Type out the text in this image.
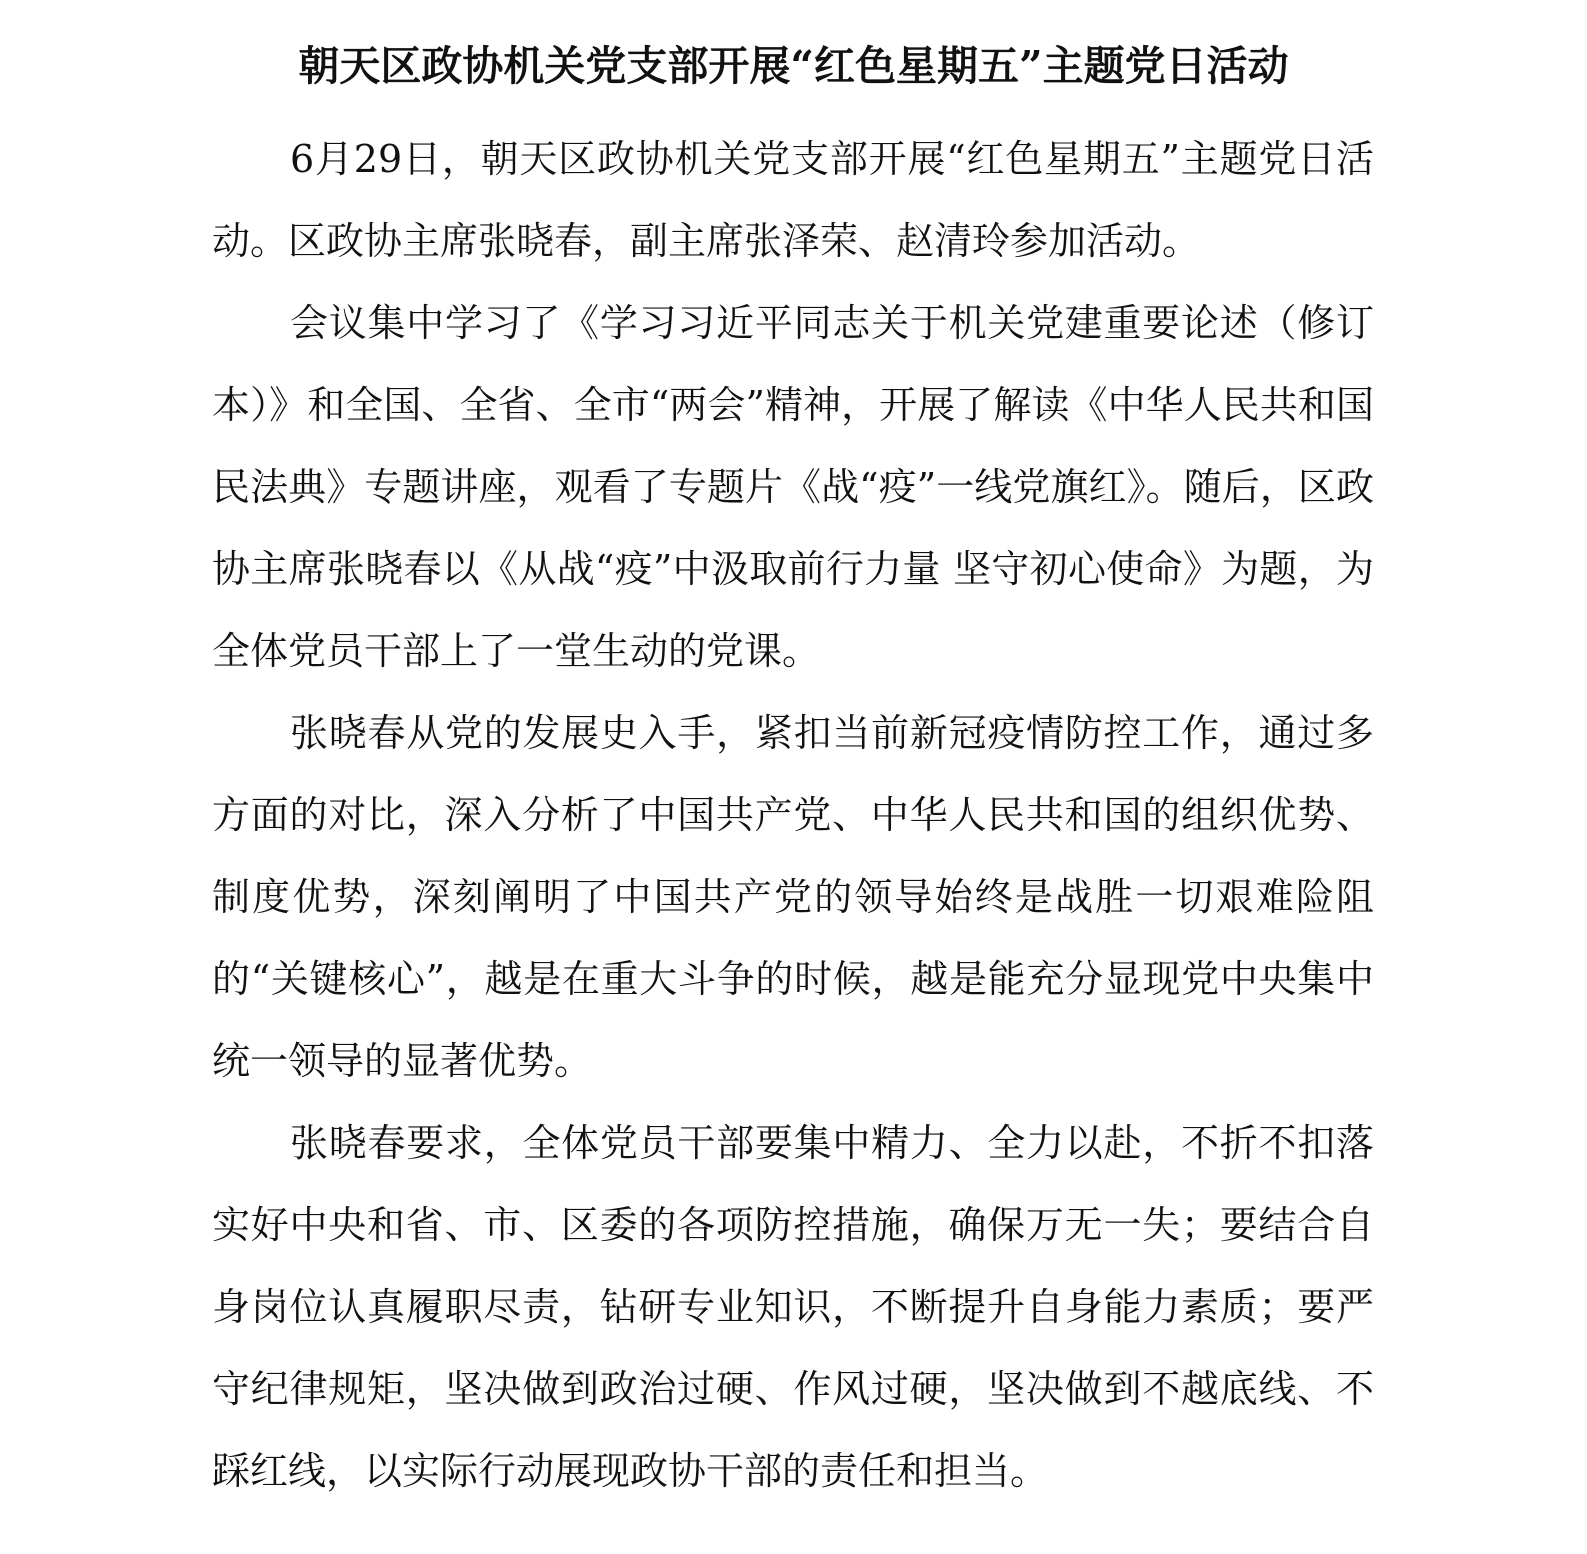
朝天区政协机关党支部开展“红色星期五”主题党日活动

6月29日，朝天区政协机关党支部开展“红色星期五”主题党日活动。区政协主席张晓春，副主席张泽荣、赵清玲参加活动。

会议集中学习了《学习习近平同志关于机关党建重要论述（修订本）》和全国、全省、全市“两会”精神，开展了解读《中华人民共和国民法典》专题讲座，观看了专题片《战“疫”一线党旗红》。随后，区政协主席张晓春以《从战“疫”中汲取前行力量 坚守初心使命》为题，为全体党员干部上了一堂生动的党课。

张晓春从党的发展史入手，紧扣当前新冠疫情防控工作，通过多方面的对比，深入分析了中国共产党、中华人民共和国的组织优势、制度优势，深刻阐明了中国共产党的领导始终是战胜一切艰难险阻的“关键核心”，越是在重大斗争的时候，越是能充分显现党中央集中统一领导的显著优势。

张晓春要求，全体党员干部要集中精力、全力以赴，不折不扣落实好中央和省、市、区委的各项防控措施，确保万无一失；要结合自身岗位认真履职尽责，钻研专业知识，不断提升自身能力素质；要严守纪律规矩，坚决做到政治过硬、作风过硬，坚决做到不越底线、不踩红线，以实际行动展现政协干部的责任和担当。
